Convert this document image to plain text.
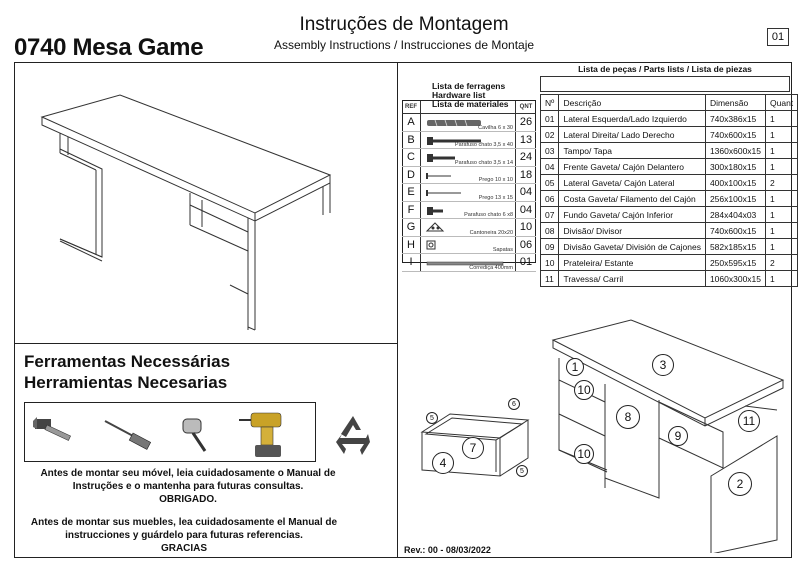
0740 Mesa Game
Instruções de Montagem
Assembly Instructions / Instrucciones de Montaje
01
Ferramentas Necessárias
Herramientas Necesarias
Antes de montar seu móvel, leia cuidadosamente o Manual de
Instruções e o mantenha para futuras consultas.
OBRIGADO.
Antes de montar sus muebles, lea cuidadosamente el Manual de
instrucciones y guárdelo para futuras referencias.
GRACIAS
Lista de ferragens
Hardware list
Lista de materiales
REF	QNT
A	Cavilha 6 x 30 26
B	Parafuso chato 3,5 x 40 13
C	Parafuso chato 3,5 x 14 24
D	Prego 10 x 10 18
E	Prego 13 x 15 04
F	Parafuso chato 6 x8 04
G	Cantoneira 20x20 10
H	Sapatas 06
I	Corrediça 400mm 01
Lista de peças / Parts lists / Lista de piezas
Nº	Descrição	Dimensão	Quant
01	Lateral Esquerda/Lado Izquierdo	740x386x15	1
02	Lateral Direita/ Lado Derecho	740x600x15	1
03	Tampo/ Tapa	1360x600x15	1
04	Frente Gaveta/ Cajón Delantero	300x180x15	1
05	Lateral Gaveta/ Cajón Lateral	400x100x15	2
06	Costa Gaveta/ Filamento del Cajón	256x100x15	1
07	Fundo Gaveta/ Cajón Inferior	284x404x03	1
08	Divisão/ Divisor	740x600x15	1
09	Divisão Gaveta/ División de Cajones	582x185x15	1
10	Prateleira/ Estante	250x595x15	2
11	Travessa/ Carril	1060x300x15	1
5
6
7
4
5
1	3
10
8
9
11
10
2
Rev.: 00 - 08/03/2022
